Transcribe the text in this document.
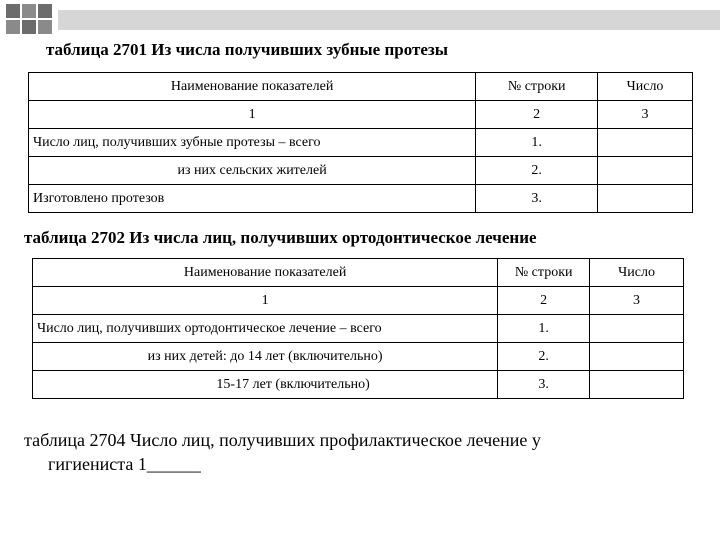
таблица 2701 Из числа получивших зубные протезы
Наименование показателей	№ строки	Число
1	2	3
Число лиц, получивших зубные протезы – всего	1.	
из них сельских жителей	2.	
Изготовлено протезов	3.	
таблица 2702 Из числа лиц, получивших ортодонтическое лечение
Наименование показателей	№ строки	Число
1	2	3
Число лиц, получивших ортодонтическое лечение – всего	1.	
из них детей: до 14 лет (включительно)	2.	
15-17 лет (включительно)	3.	
таблица 2704 Число лиц, получивших профилактическое лечение у
гигиениста 1______
